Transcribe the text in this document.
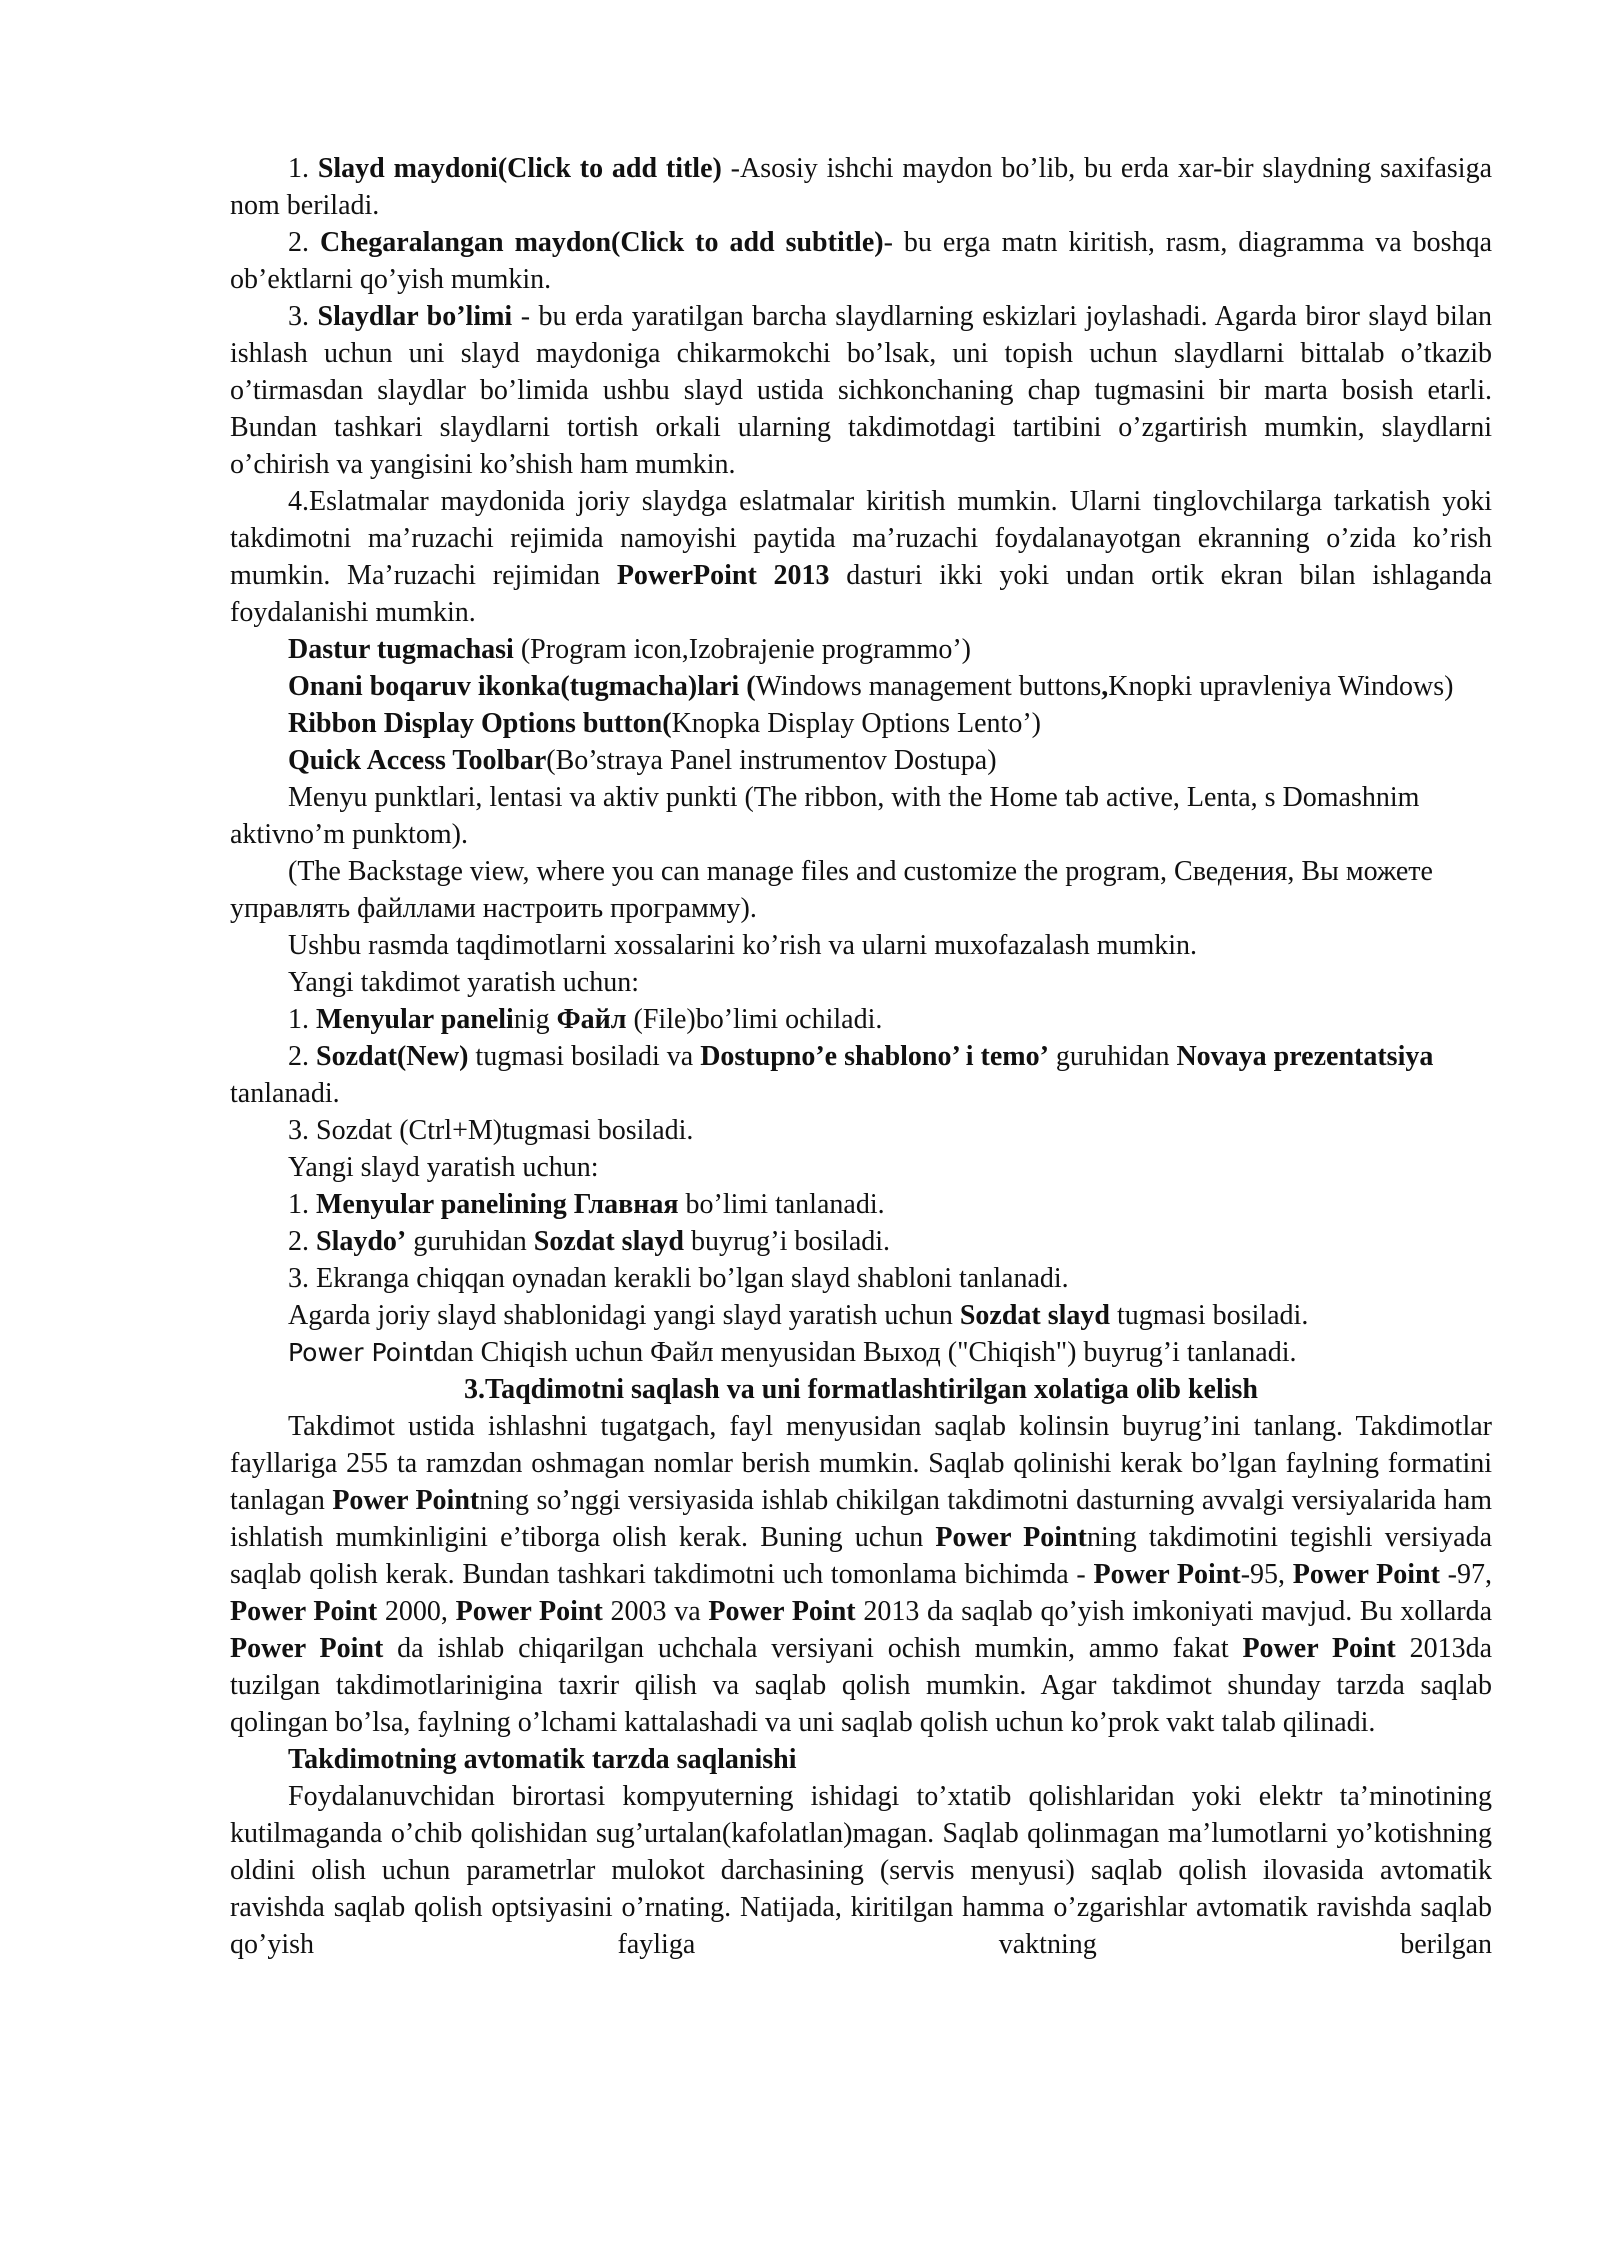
1. Slayd maydoni(Click to add title) -Asosiy ishchi maydon bo’lib, bu erda xar-bir slaydning saxifasiga nom beriladi.

2. Chegaralangan maydon(Click to add subtitle)- bu erga matn kiritish, rasm, diagramma va boshqa ob’ektlarni qo’yish mumkin.

3. Slaydlar bo’limi - bu erda yaratilgan barcha slaydlarning eskizlari joylashadi. Agarda biror slayd bilan ishlash uchun uni slayd maydoniga chikarmokchi bo’lsak, uni topish uchun slaydlarni bittalab o’tkazib o’tirmasdan slaydlar bo’limida ushbu slayd ustida sichkonchaning chap tugmasini bir marta bosish etarli. Bundan tashkari slaydlarni tortish orkali ularning takdimotdagi tartibini o’zgartirish mumkin, slaydlarni o’chirish va yangisini ko’shish ham mumkin.

4.Eslatmalar maydonida joriy slaydga eslatmalar kiritish mumkin. Ularni tinglovchilarga tarkatish yoki takdimotni ma’ruzachi rejimida namoyishi paytida ma’ruzachi foydalanayotgan ekranning o’zida ko’rish mumkin. Ma’ruzachi rejimidan PowerPoint 2013 dasturi ikki yoki undan ortik ekran bilan ishlaganda foydalanishi mumkin.

Dastur tugmachasi (Program icon,Izobrajenie programmo’)

Onani boqaruv ikonka(tugmacha)lari (Windows management buttons,Knopki upravleniya Windows)

Ribbon Display Options button(Knopka Display Options Lento’)

Quick Access Toolbar(Bo’straya Panel instrumentov Dostupa)

Menyu punktlari, lentasi va aktiv punkti (The ribbon, with the Home tab active, Lenta, s Domashnim aktivno’m punktom).

(The Backstage view, where you can manage files and customize the program, Сведения, Вы можете управлять файллами настроить программу).

Ushbu rasmda taqdimotlarni xossalarini ko’rish va ularni muxofazalash mumkin.

Yangi takdimot yaratish uchun:

1. Menyular panelinig Файл (File)bo’limi ochiladi.

2. Sozdat(New) tugmasi bosiladi va Dostupno’e shablono’ i temo’ guruhidan Novaya prezentatsiya tanlanadi.

3. Sozdat (Ctrl+M)tugmasi bosiladi.

Yangi slayd yaratish uchun:

1. Menyular panelining Главная bo’limi tanlanadi.

2. Slaydo’ guruhidan Sozdat slayd buyrug’i bosiladi.

3. Ekranga chiqqan oynadan kerakli bo’lgan slayd shabloni tanlanadi.

Agarda joriy slayd shablonidagi yangi slayd yaratish uchun Sozdat slayd tugmasi bosiladi.

Power Pointdan Chiqish uchun Файл menyusidan Выход ("Chiqish") buyrug’i tanlanadi.

3.Taqdimotni saqlash va uni formatlashtirilgan xolatiga olib kelish

Takdimot ustida ishlashni tugatgach, fayl menyusidan saqlab kolinsin buyrug’ini tanlang. Takdimotlar fayllariga 255 ta ramzdan oshmagan nomlar berish mumkin. Saqlab qolinishi kerak bo’lgan faylning formatini tanlagan Power Pointning so’nggi versiyasida ishlab chikilgan takdimotni dasturning avvalgi versiyalarida ham ishlatish mumkinligini e’tiborga olish kerak. Buning uchun Power Pointning takdimotini tegishli versiyada saqlab qolish kerak. Bundan tashkari takdimotni uch tomonlama bichimda - Power Point-95, Power Point -97, Power Point 2000, Power Point 2003 va Power Point 2013 da saqlab qo’yish imkoniyati mavjud. Bu xollarda Power Point da ishlab chiqarilgan uchchala versiyani ochish mumkin, ammo fakat Power Point 2013da tuzilgan takdimotlarinigina taxrir qilish va saqlab qolish mumkin. Agar takdimot shunday tarzda saqlab qolingan bo’lsa, faylning o’lchami kattalashadi va uni saqlab qolish uchun ko’prok vakt talab qilinadi.

Takdimotning avtomatik tarzda saqlanishi

Foydalanuvchidan birortasi kompyuterning ishidagi to’xtatib qolishlaridan yoki elektr ta’minotining kutilmaganda o’chib qolishidan sug’urtalan(kafolatlan)magan. Saqlab qolinmagan ma’lumotlarni yo’kotishning oldini olish uchun parametrlar mulokot darchasining (servis menyusi) saqlab qolish ilovasida avtomatik ravishda saqlab qolish optsiyasini o’rnating. Natijada, kiritilgan hamma o’zgarishlar avtomatik ravishda saqlab qo’yish fayliga vaktning berilgan
